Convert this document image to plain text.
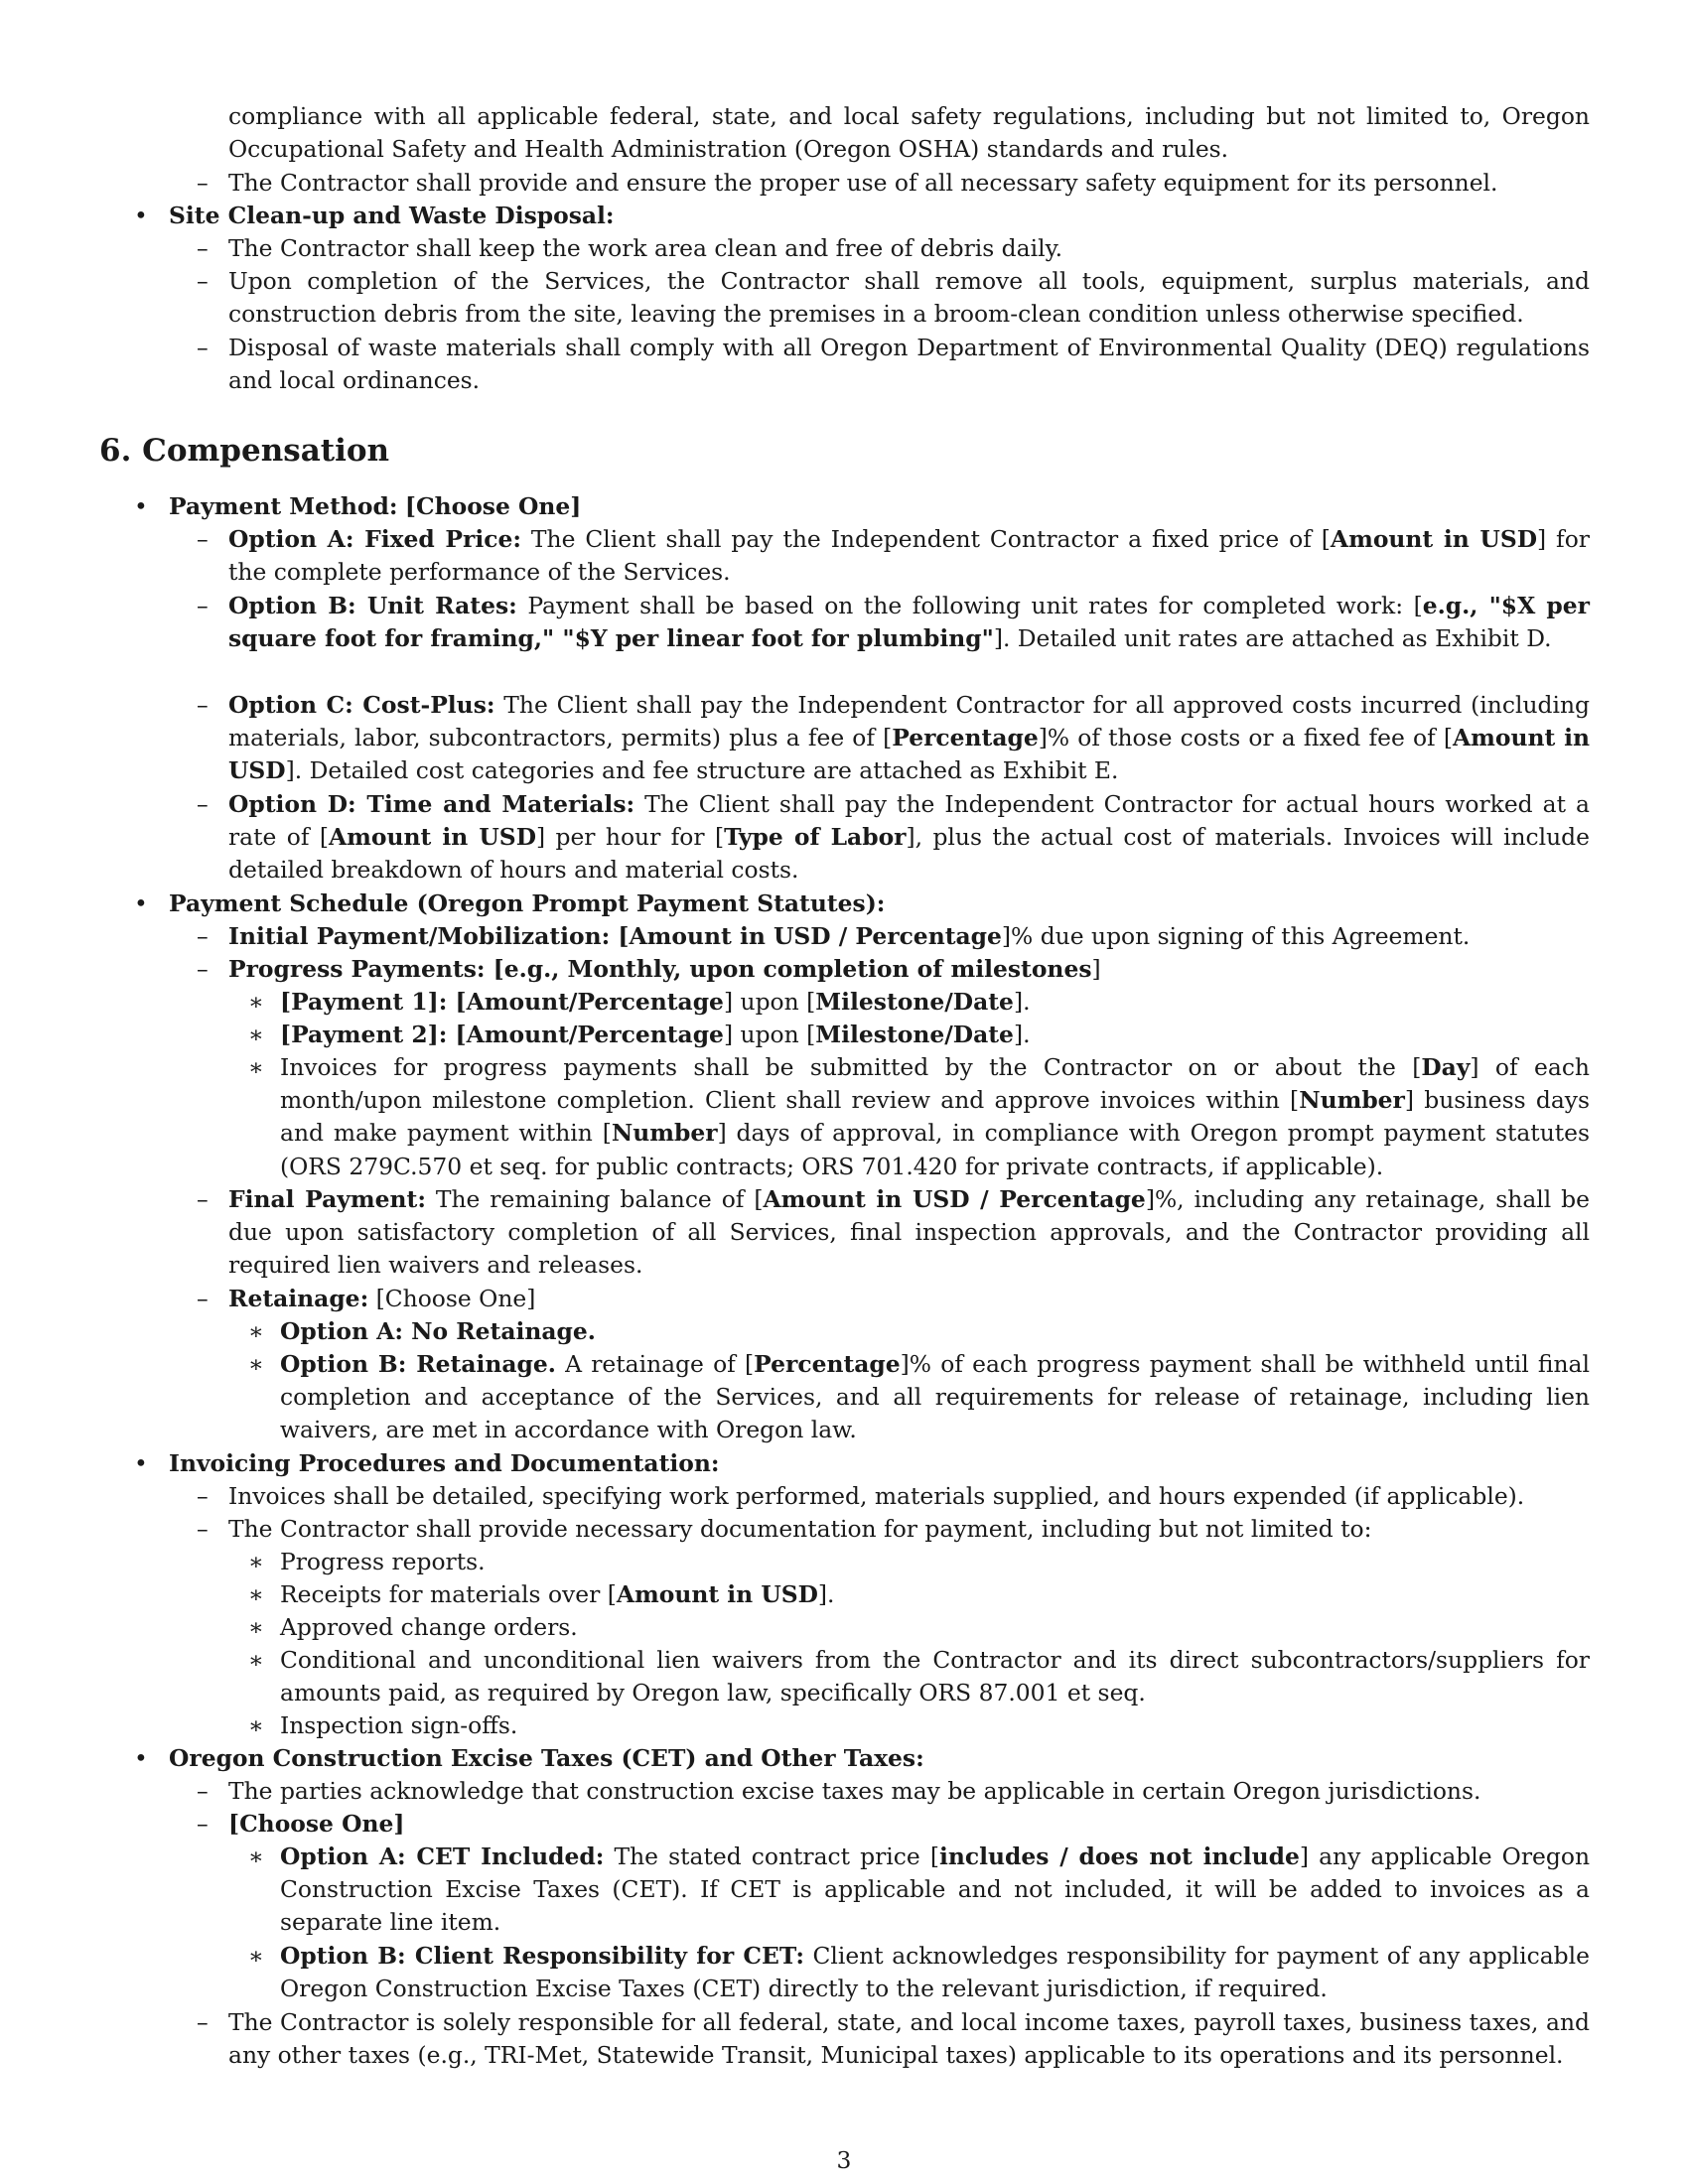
compliance with all applicable federal, state, and local safety regulations, including but not limited to, Oregon Occupational Safety and Health Administration (Oregon OSHA) standards and rules.
– The Contractor shall provide and ensure the proper use of all necessary safety equipment for its personnel.
• Site Clean-up and Waste Disposal:
– The Contractor shall keep the work area clean and free of debris daily.
– Upon completion of the Services, the Contractor shall remove all tools, equipment, surplus materials, and construction debris from the site, leaving the premises in a broom-clean condition unless otherwise specified.
– Disposal of waste materials shall comply with all Oregon Department of Environmental Quality (DEQ) regulations and local ordinances.
6. Compensation
• Payment Method: [Choose One]
– Option A: Fixed Price: The Client shall pay the Independent Contractor a fixed price of [Amount in USD] for the complete performance of the Services.
– Option B: Unit Rates: Payment shall be based on the following unit rates for completed work: [e.g., "$X per square foot for framing," "$Y per linear foot for plumbing"]. Detailed unit rates are attached as Exhibit D.
– Option C: Cost-Plus: The Client shall pay the Independent Contractor for all approved costs incurred (including materials, labor, subcontractors, permits) plus a fee of [Percentage]% of those costs or a fixed fee of [Amount in USD]. Detailed cost categories and fee structure are attached as Exhibit E.
– Option D: Time and Materials: The Client shall pay the Independent Contractor for actual hours worked at a rate of [Amount in USD] per hour for [Type of Labor], plus the actual cost of materials. Invoices will include detailed breakdown of hours and material costs.
• Payment Schedule (Oregon Prompt Payment Statutes):
– Initial Payment/Mobilization: [Amount in USD / Percentage]% due upon signing of this Agreement.
– Progress Payments: [e.g., Monthly, upon completion of milestones]
∗ [Payment 1]: [Amount/Percentage] upon [Milestone/Date].
∗ [Payment 2]: [Amount/Percentage] upon [Milestone/Date].
∗ Invoices for progress payments shall be submitted by the Contractor on or about the [Day] of each month/upon milestone completion. Client shall review and approve invoices within [Number] business days and make payment within [Number] days of approval, in compliance with Oregon prompt payment statutes (ORS 279C.570 et seq. for public contracts; ORS 701.420 for private contracts, if applicable).
– Final Payment: The remaining balance of [Amount in USD / Percentage]%, including any retainage, shall be due upon satisfactory completion of all Services, final inspection approvals, and the Contractor providing all required lien waivers and releases.
– Retainage: [Choose One]
∗ Option A: No Retainage.
∗ Option B: Retainage. A retainage of [Percentage]% of each progress payment shall be withheld until final completion and acceptance of the Services, and all requirements for release of retainage, including lien waivers, are met in accordance with Oregon law.
• Invoicing Procedures and Documentation:
– Invoices shall be detailed, specifying work performed, materials supplied, and hours expended (if applicable).
– The Contractor shall provide necessary documentation for payment, including but not limited to:
∗ Progress reports.
∗ Receipts for materials over [Amount in USD].
∗ Approved change orders.
∗ Conditional and unconditional lien waivers from the Contractor and its direct subcontractors/suppliers for amounts paid, as required by Oregon law, specifically ORS 87.001 et seq.
∗ Inspection sign-offs.
• Oregon Construction Excise Taxes (CET) and Other Taxes:
– The parties acknowledge that construction excise taxes may be applicable in certain Oregon jurisdictions.
– [Choose One]
∗ Option A: CET Included: The stated contract price [includes / does not include] any applicable Oregon Construction Excise Taxes (CET). If CET is applicable and not included, it will be added to invoices as a separate line item.
∗ Option B: Client Responsibility for CET: Client acknowledges responsibility for payment of any applicable Oregon Construction Excise Taxes (CET) directly to the relevant jurisdiction, if required.
– The Contractor is solely responsible for all federal, state, and local income taxes, payroll taxes, business taxes, and any other taxes (e.g., TRI-Met, Statewide Transit, Municipal taxes) applicable to its operations and its personnel.
3
